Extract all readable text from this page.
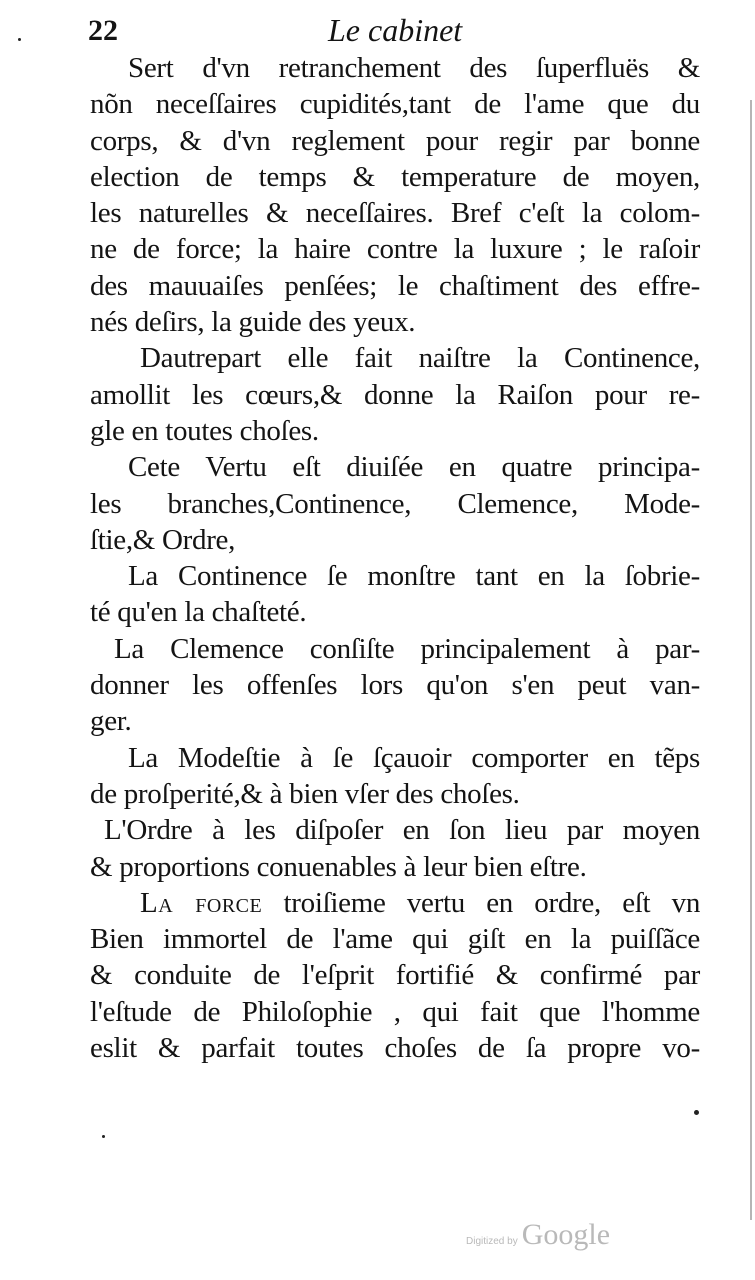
22	Le cabinet
Sert d'vn retranchement des ſuperfluës &
nõn neceſſaires cupidités,tant de l'ame que du
corps, & d'vn reglement pour regir par bonne
election de temps & temperature de moyen,
les naturelles & neceſſaires. Bref c'eſt la colom-
ne de force; la haire contre la luxure ; le raſoir
des mauuaiſes penſées; le chaſtiment des effre-
nés deſirs, la guide des yeux.
Dautrepart elle fait naiſtre la Continence,
amollit les cœurs,& donne la Raiſon pour re-
gle en toutes choſes.
Cete Vertu eſt diuiſée en quatre principa-
les branches,Continence, Clemence, Mode-
ſtie,& Ordre,
La Continence ſe monſtre tant en la ſobrie-
té qu'en la chaſteté.
La Clemence conſiſte principalement à par-
donner les offenſes lors qu'on s'en peut van-
ger.
La Modeſtie à ſe ſçauoir comporter en tẽps
de proſperité,& à bien vſer des choſes.
L'Ordre à les diſpoſer en ſon lieu par moyen
& proportions conuenables à leur bien eſtre.
La force troiſieme vertu en ordre, eſt vn
Bien immortel de l'ame qui giſt en la puiſſãce
& conduite de l'eſprit fortifié & confirmé par
l'eſtude de Philoſophie , qui fait que l'homme
eslit & parfait toutes choſes de ſa propre vo-
Digitized by Google
